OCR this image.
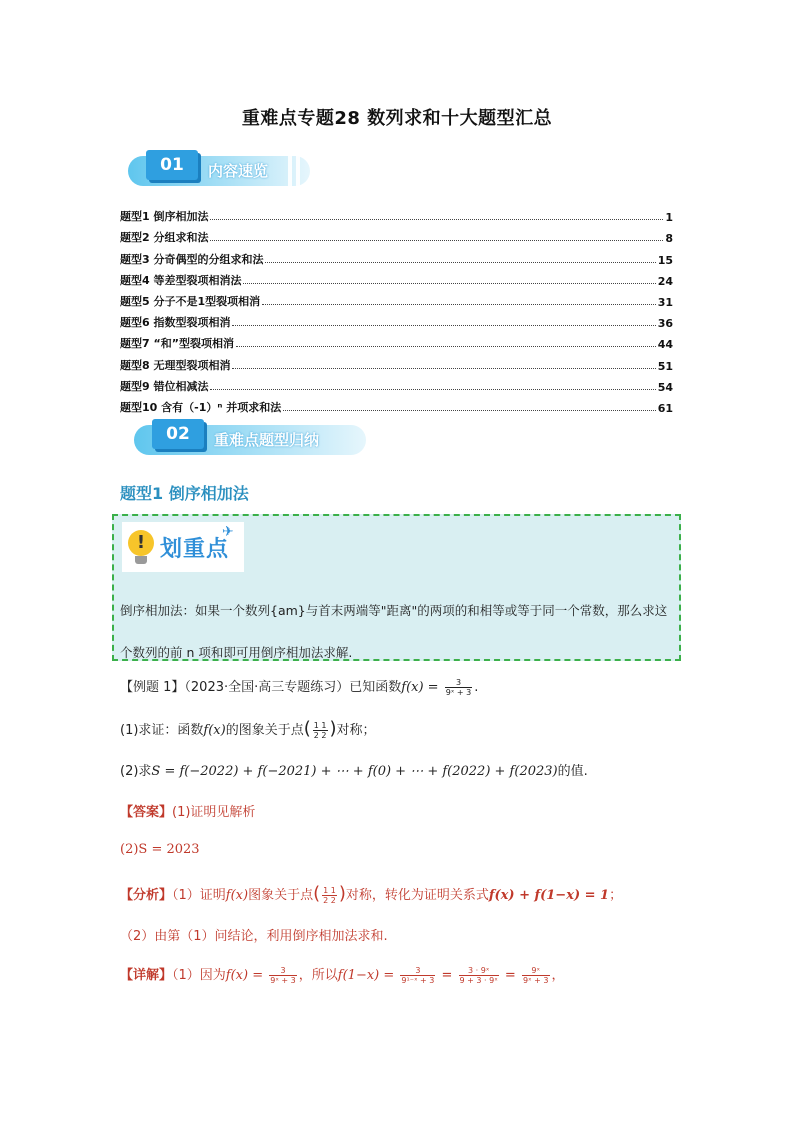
重难点专题28 数列求和十大题型汇总
01	内容速览
题型1 倒序相加法	1
题型2 分组求和法	8
题型3 分奇偶型的分组求和法	15
题型4 等差型裂项相消法	24
题型5 分子不是1型裂项相消	31
题型6 指数型裂项相消	36
题型7 “和”型裂项相消	44
题型8 无理型裂项相消	51
题型9 错位相减法	54
题型10 含有（-1）ⁿ 并项求和法	61
02	重难点题型归纳
题型1 倒序相加法
! 划重点
✈
倒序相加法：如果一个数列{am}与首末两端等"距离"的两项的和相等或等于同一个常数，那么求这个数列的前 n 项和即可用倒序相加法求解.
【例题 1】（2023·全国·高三专题练习）已知函数$f(x) = \frac{3}{\text{9ˣ + 3}}$ .
(1)求证：函数f(x)的图象关于点( $\frac{1 1}{2 2}$ )对称；
(2)求S = f(−2022) + f(−2021) + ⋯ + f(0) + ⋯ + f(2022) + f(2023)的值.
【答案】(1)证明见解析
(2)S = 2023
【分析】（1）证明f(x)图象关于点( $\frac{1 1}{2 2}$ )对称，转化为证明关系式f(x) + f(1−x) = 1；
（2）由第（1）问结论，利用倒序相加法求和.
【详解】（1）因为$f(x) = \frac{3}{\text{9ˣ + 3}}$ ，所以$f(1-x) = \frac{3}{\text{9¹⁻ˣ + 3}} = \frac{\text{3 · 9ˣ}}{\text{9 + 3 · 9ˣ}} = \frac{\text{9ˣ}}{\text{9ˣ + 3}}$ ，
